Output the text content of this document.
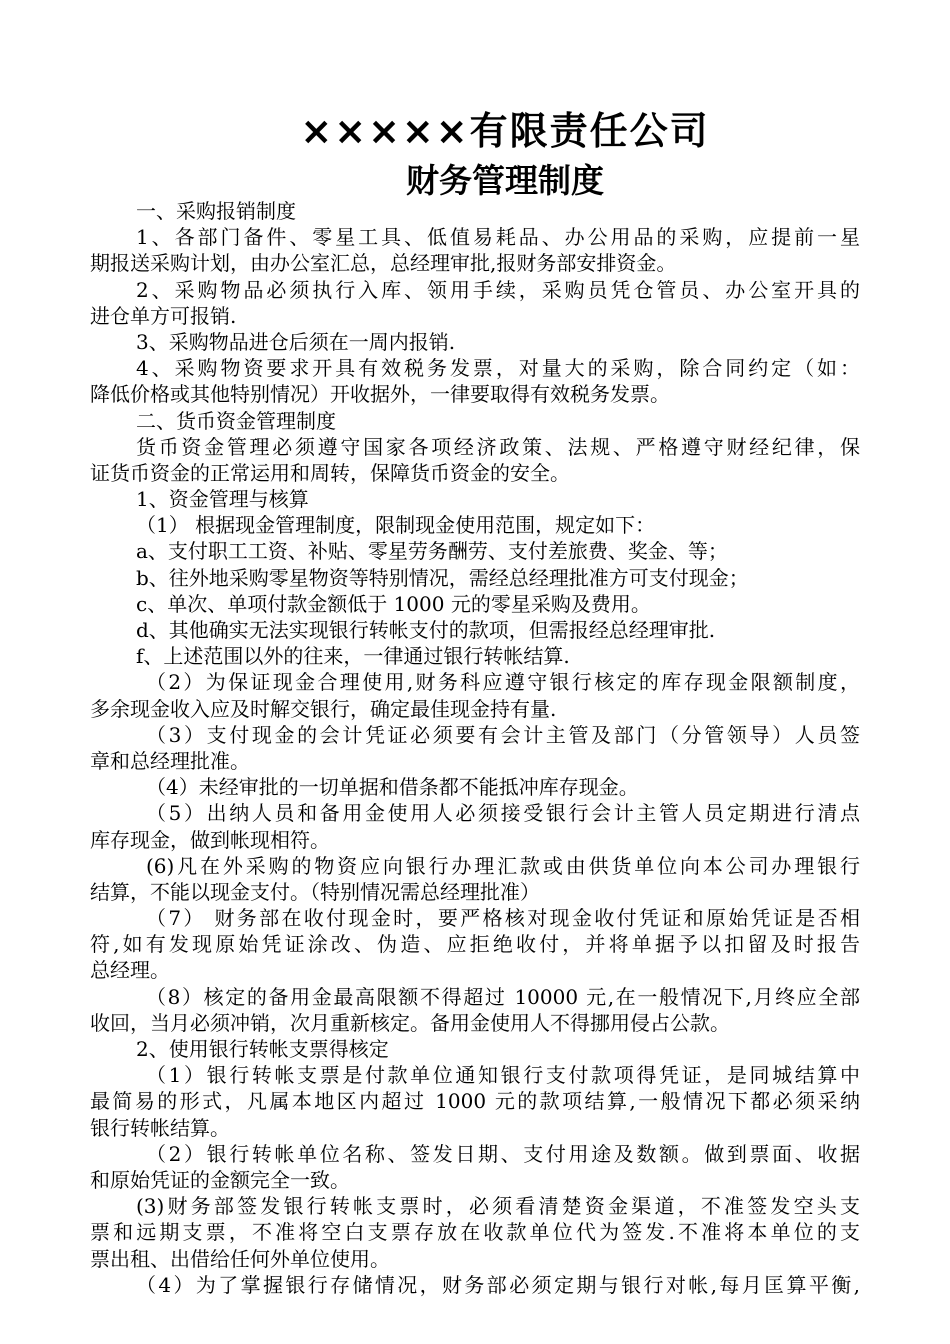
×××××有限责任公司
财务管理制度
一、采购报销制度
1、各部门备件、零星工具、低值易耗品、办公用品的采购，应提前一星
期报送采购计划，由办公室汇总，总经理审批,报财务部安排资金。
2、采购物品必须执行入库、领用手续，采购员凭仓管员、办公室开具的
进仓单方可报销.
3、采购物品进仓后须在一周内报销.
4、采购物资要求开具有效税务发票，对量大的采购，除合同约定（如：
降低价格或其他特别情况）开收据外，一律要取得有效税务发票。
二、货币资金管理制度
货币资金管理必须遵守国家各项经济政策、法规、严格遵守财经纪律，保
证货币资金的正常运用和周转，保障货币资金的安全。
1、资金管理与核算
（1） 根据现金管理制度，限制现金使用范围，规定如下：
a、支付职工工资、补贴、零星劳务酬劳、支付差旅费、奖金、等；
b、往外地采购零星物资等特别情况，需经总经理批准方可支付现金；
c、单次、单项付款金额低于 1000 元的零星采购及费用。
d、其他确实无法实现银行转帐支付的款项，但需报经总经理审批.
f、上述范围以外的往来，一律通过银行转帐结算.
（2）为保证现金合理使用,财务科应遵守银行核定的库存现金限额制度，
多余现金收入应及时解交银行，确定最佳现金持有量.
（3）支付现金的会计凭证必须要有会计主管及部门（分管领导）人员签
章和总经理批准。
（4）未经审批的一切单据和借条都不能抵冲库存现金。
（5）出纳人员和备用金使用人必须接受银行会计主管人员定期进行清点
库存现金，做到帐现相符。
(6)凡在外采购的物资应向银行办理汇款或由供货单位向本公司办理银行
结算，不能以现金支付。（特别情况需总经理批准）
（7） 财务部在收付现金时，要严格核对现金收付凭证和原始凭证是否相
符,如有发现原始凭证涂改、伪造、应拒绝收付，并将单据予以扣留及时报告
总经理。
（8）核定的备用金最高限额不得超过 10000 元,在一般情况下,月终应全部
收回，当月必须冲销，次月重新核定。备用金使用人不得挪用侵占公款。
2、使用银行转帐支票得核定
（1）银行转帐支票是付款单位通知银行支付款项得凭证，是同城结算中
最简易的形式，凡属本地区内超过 1000 元的款项结算,一般情况下都必须采纳
银行转帐结算。
（2）银行转帐单位名称、签发日期、支付用途及数额。做到票面、收据
和原始凭证的金额完全一致。
(3)财务部签发银行转帐支票时，必须看清楚资金渠道，不准签发空头支
票和远期支票，不准将空白支票存放在收款单位代为签发.不准将本单位的支
票出租、出借给任何外单位使用。
（4）为了掌握银行存储情况，财务部必须定期与银行对帐,每月匡算平衡,
